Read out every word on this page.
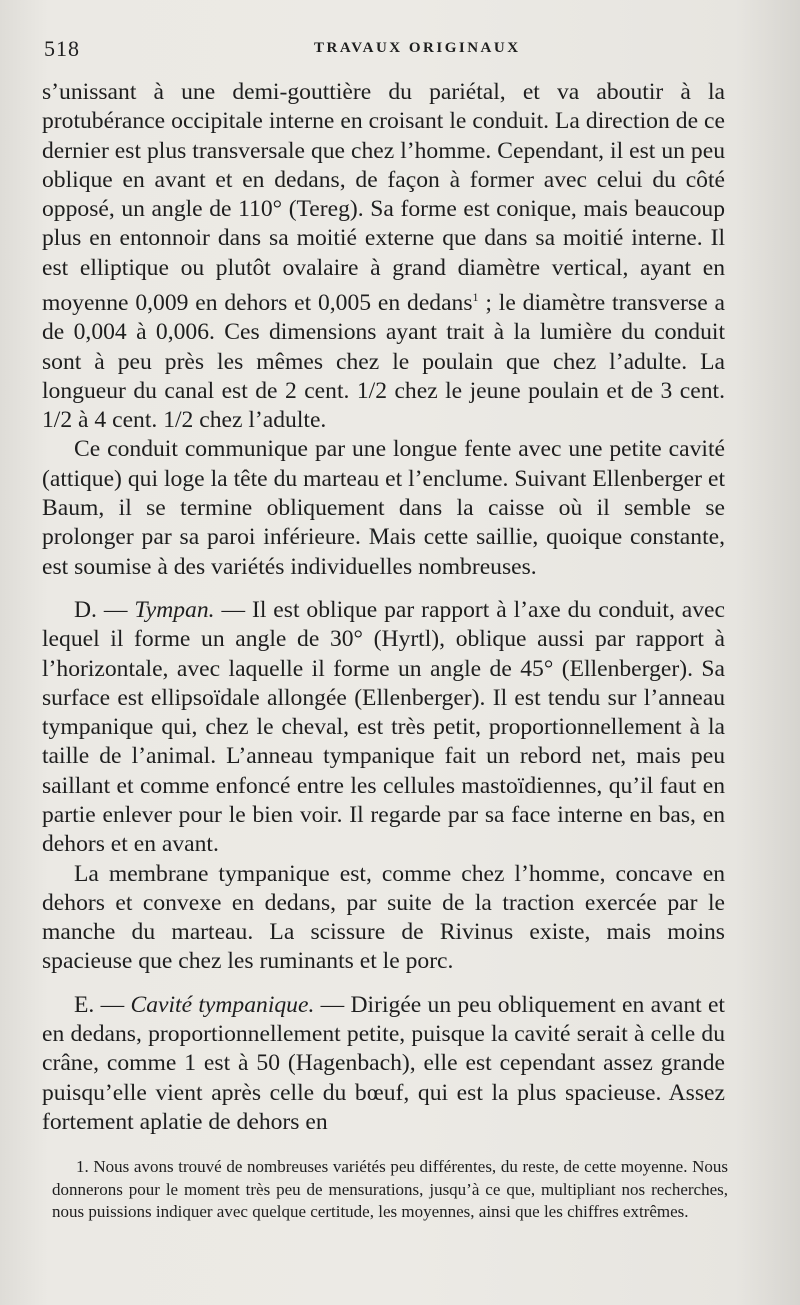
518	TRAVAUX ORIGINAUX

s’unissant à une demi-gouttière du pariétal, et va aboutir à la protubérance occipitale interne en croisant le conduit. La direction de ce dernier est plus transversale que chez l’homme. Cependant, il est un peu oblique en avant et en dedans, de façon à former avec celui du côté opposé, un angle de 110° (Tereg). Sa forme est conique, mais beaucoup plus en entonnoir dans sa moitié externe que dans sa moitié interne. Il est elliptique ou plutôt ovalaire à grand diamètre vertical, ayant en moyenne 0,009 en dehors et 0,005 en dedans$^1$ ; le diamètre transverse a de 0,004 à 0,006. Ces dimensions ayant trait à la lumière du conduit sont à peu près les mêmes chez le poulain que chez l’adulte. La longueur du canal est de 2 cent. 1/2 chez le jeune poulain et de 3 cent. 1/2 à 4 cent. 1/2 chez l’adulte.

Ce conduit communique par une longue fente avec une petite cavité (attique) qui loge la tête du marteau et l’enclume. Suivant Ellenberger et Baum, il se termine obliquement dans la caisse où il semble se prolonger par sa paroi inférieure. Mais cette saillie, quoique constante, est soumise à des variétés individuelles nombreuses.

D. — Tympan. — Il est oblique par rapport à l’axe du conduit, avec lequel il forme un angle de 30° (Hyrtl), oblique aussi par rapport à l’horizontale, avec laquelle il forme un angle de 45° (Ellenberger). Sa surface est ellipsoïdale allongée (Ellenberger). Il est tendu sur l’anneau tympanique qui, chez le cheval, est très petit, proportionnellement à la taille de l’animal. L’anneau tympanique fait un rebord net, mais peu saillant et comme enfoncé entre les cellules mastoïdiennes, qu’il faut en partie enlever pour le bien voir. Il regarde par sa face interne en bas, en dehors et en avant.

La membrane tympanique est, comme chez l’homme, concave en dehors et convexe en dedans, par suite de la traction exercée par le manche du marteau. La scissure de Rivinus existe, mais moins spacieuse que chez les ruminants et le porc.

E. — Cavité tympanique. — Dirigée un peu obliquement en avant et en dedans, proportionnellement petite, puisque la cavité serait à celle du crâne, comme 1 est à 50 (Hagenbach), elle est cependant assez grande puisqu’elle vient après celle du bœuf, qui est la plus spacieuse. Assez fortement aplatie de dehors en

1. Nous avons trouvé de nombreuses variétés peu différentes, du reste, de cette moyenne. Nous donnerons pour le moment très peu de mensurations, jusqu’à ce que, multipliant nos recherches, nous puissions indiquer avec quelque certitude, les moyennes, ainsi que les chiffres extrêmes.
